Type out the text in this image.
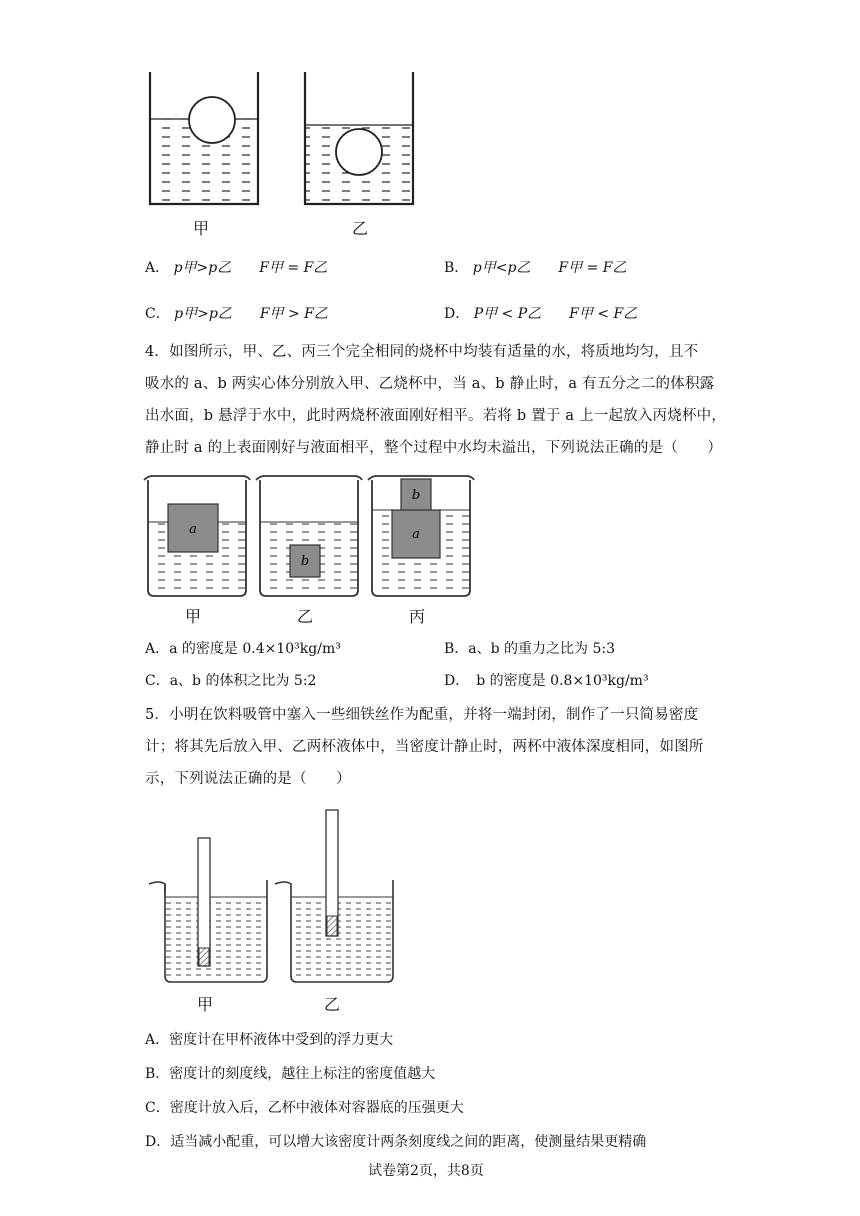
甲	乙
A． p甲>p乙　　F甲 = F乙	B． p甲<p乙　　F甲 = F乙
C． p甲>p乙　　F甲 > F乙	D． P甲 < P乙　　F甲 < F乙
4．如图所示，甲、乙、丙三个完全相同的烧杯中均装有适量的水，将质地均匀，且不
吸水的 a、b 两实心体分别放入甲、乙烧杯中，当 a、b 静止时，a 有五分之二的体积露
出水面，b 悬浮于水中，此时两烧杯液面刚好相平。若将 b 置于 a 上一起放入丙烧杯中，
静止时 a 的上表面刚好与液面相平，整个过程中水均未溢出，下列说法正确的是（　　）
a
b
a
b
甲	乙	丙
A．a 的密度是 0.4×10³kg/m³	B．a、b 的重力之比为 5:3
C．a、b 的体积之比为 5:2	D．　b 的密度是 0.8×10³kg/m³
5．小明在饮料吸管中塞入一些细铁丝作为配重，并将一端封闭，制作了一只简易密度
计；将其先后放入甲、乙两杯液体中，当密度计静止时，两杯中液体深度相同，如图所
示，下列说法正确的是（　　）
甲	乙
A．密度计在甲杯液体中受到的浮力更大
B．密度计的刻度线，越往上标注的密度值越大
C．密度计放入后，乙杯中液体对容器底的压强更大
D．适当减小配重，可以增大该密度计两条刻度线之间的距离，使测量结果更精确
试卷第2页，共8页
